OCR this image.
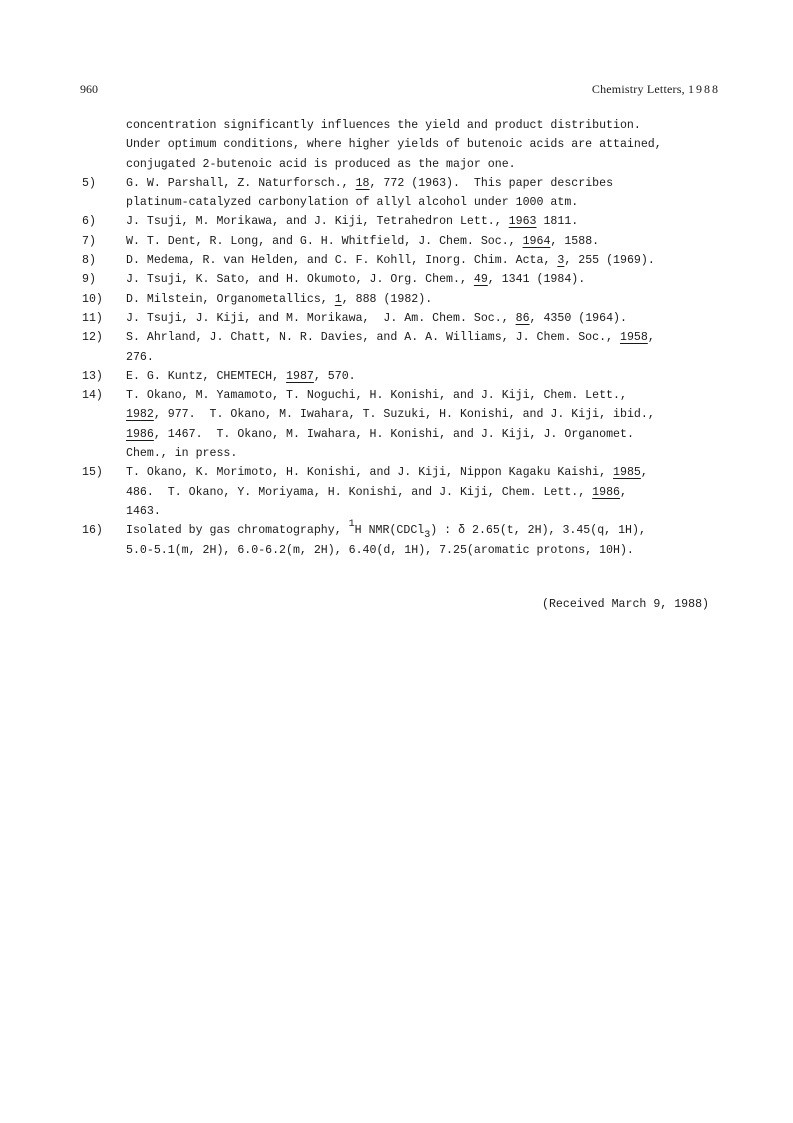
960	Chemistry Letters, 1988
concentration significantly influences the yield and product distribution.
Under optimum conditions, where higher yields of butenoic acids are attained,
conjugated 2-butenoic acid is produced as the major one.
5)	G. W. Parshall, Z. Naturforsch., 18, 772 (1963).  This paper describes
platinum-catalyzed carbonylation of allyl alcohol under 1000 atm.
6)	J. Tsuji, M. Morikawa, and J. Kiji, Tetrahedron Lett., 1963 1811.
7)	W. T. Dent, R. Long, and G. H. Whitfield, J. Chem. Soc., 1964, 1588.
8)	D. Medema, R. van Helden, and C. F. Kohll, Inorg. Chim. Acta, 3, 255 (1969).
9)	J. Tsuji, K. Sato, and H. Okumoto, J. Org. Chem., 49, 1341 (1984).
10) D. Milstein, Organometallics, 1, 888 (1982).
11) J. Tsuji, J. Kiji, and M. Morikawa,  J. Am. Chem. Soc., 86, 4350 (1964).
12) S. Ahrland, J. Chatt, N. R. Davies, and A. A. Williams, J. Chem. Soc., 1958,
276.
13) E. G. Kuntz, CHEMTECH, 1987, 570.
14) T. Okano, M. Yamamoto, T. Noguchi, H. Konishi, and J. Kiji, Chem. Lett.,
1982, 977.  T. Okano, M. Iwahara, T. Suzuki, H. Konishi, and J. Kiji, ibid.,
1986, 1467.  T. Okano, M. Iwahara, H. Konishi, and J. Kiji, J. Organomet.
Chem., in press.
15) T. Okano, K. Morimoto, H. Konishi, and J. Kiji, Nippon Kagaku Kaishi, 1985,
486.  T. Okano, Y. Moriyama, H. Konishi, and J. Kiji, Chem. Lett., 1986,
1463.
16) Isolated by gas chromatography, 1H NMR(CDCl3) : δ 2.65(t, 2H), 3.45(q, 1H),
5.0-5.1(m, 2H), 6.0-6.2(m, 2H), 6.40(d, 1H), 7.25(aromatic protons, 10H).
(Received March 9, 1988)
